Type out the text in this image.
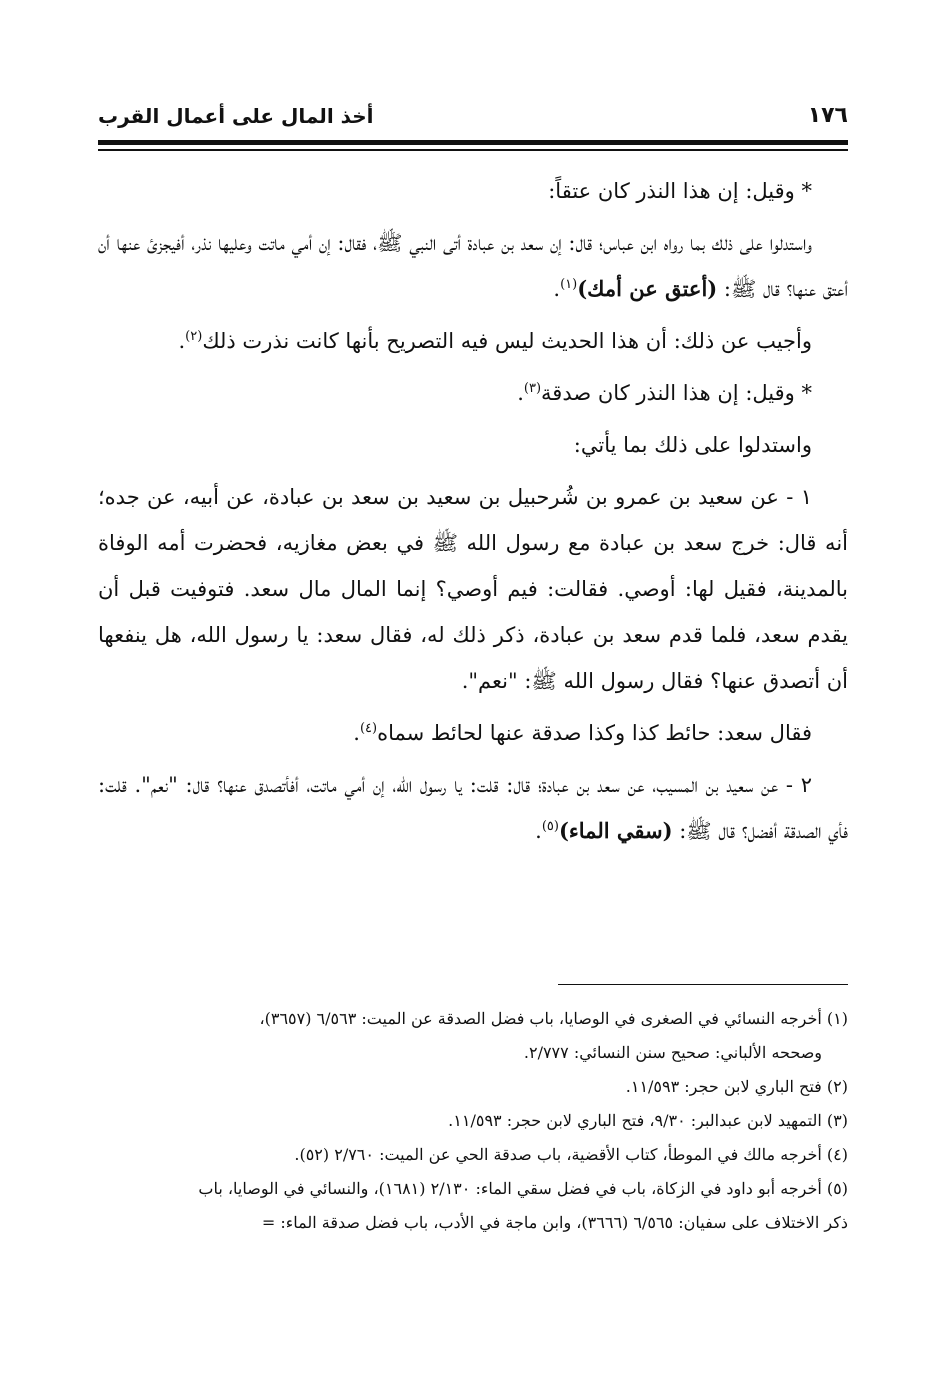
١٧٦
أخذ المال على أعمال القرب

* وقيل: إن هذا النذر كان عتقاً:

واستدلوا على ذلك بما رواه ابن عباس؛ قال: إن سعد بن عبادة أتى النبي ﷺ، فقال: إن أمي ماتت وعليها نذر، أفيجزئ عنها أن أعتق عنها؟ قال ﷺ: (أعتق عن أمك)$^{(١)}$.

وأجيب عن ذلك: أن هذا الحديث ليس فيه التصريح بأنها كانت نذرت ذلك$^{(٢)}$.

* وقيل: إن هذا النذر كان صدقة$^{(٣)}$.

واستدلوا على ذلك بما يأتي:

١ - عن سعيد بن عمرو بن شُرحبيل بن سعيد بن سعد بن عبادة، عن أبيه، عن جده؛ أنه قال: خرج سعد بن عبادة مع رسول الله ﷺ في بعض مغازيه، فحضرت أمه الوفاة بالمدينة، فقيل لها: أوصي. فقالت: فيم أوصي؟ إنما المال مال سعد. فتوفيت قبل أن يقدم سعد، فلما قدم سعد بن عبادة، ذكر ذلك له، فقال سعد: يا رسول الله، هل ينفعها أن أتصدق عنها؟ فقال رسول الله ﷺ: "نعم".

فقال سعد: حائط كذا وكذا صدقة عنها لحائط سماه$^{(٤)}$.

٢ - عن سعيد بن المسيب، عن سعد بن عبادة؛ قال: قلت: يا رسول الله، إن أمي ماتت، أفأتصدق عنها؟ قال: "نعم". قلت: فأي الصدقة أفضل؟ قال ﷺ: (سقي الماء)$^{(٥)}$.

(١) أخرجه النسائي في الصغرى في الوصايا، باب فضل الصدقة عن الميت: ٦/٥٦٣ (٣٦٥٧)،

وصححه الألباني: صحيح سنن النسائي: ٢/٧٧٧.

(٢) فتح الباري لابن حجر: ١١/٥٩٣.

(٣) التمهيد لابن عبدالبر: ٩/٣٠، فتح الباري لابن حجر: ١١/٥٩٣.

(٤) أخرجه مالك في الموطأ، كتاب الأقضية، باب صدقة الحي عن الميت: ٢/٧٦٠ (٥٢).

(٥) أخرجه أبو داود في الزكاة، باب في فضل سقي الماء: ٢/١٣٠ (١٦٨١)، والنسائي في الوصايا، باب

ذكر الاختلاف على سفيان: ٦/٥٦٥ (٣٦٦٦)، وابن ماجة في الأدب، باب فضل صدقة الماء: =
